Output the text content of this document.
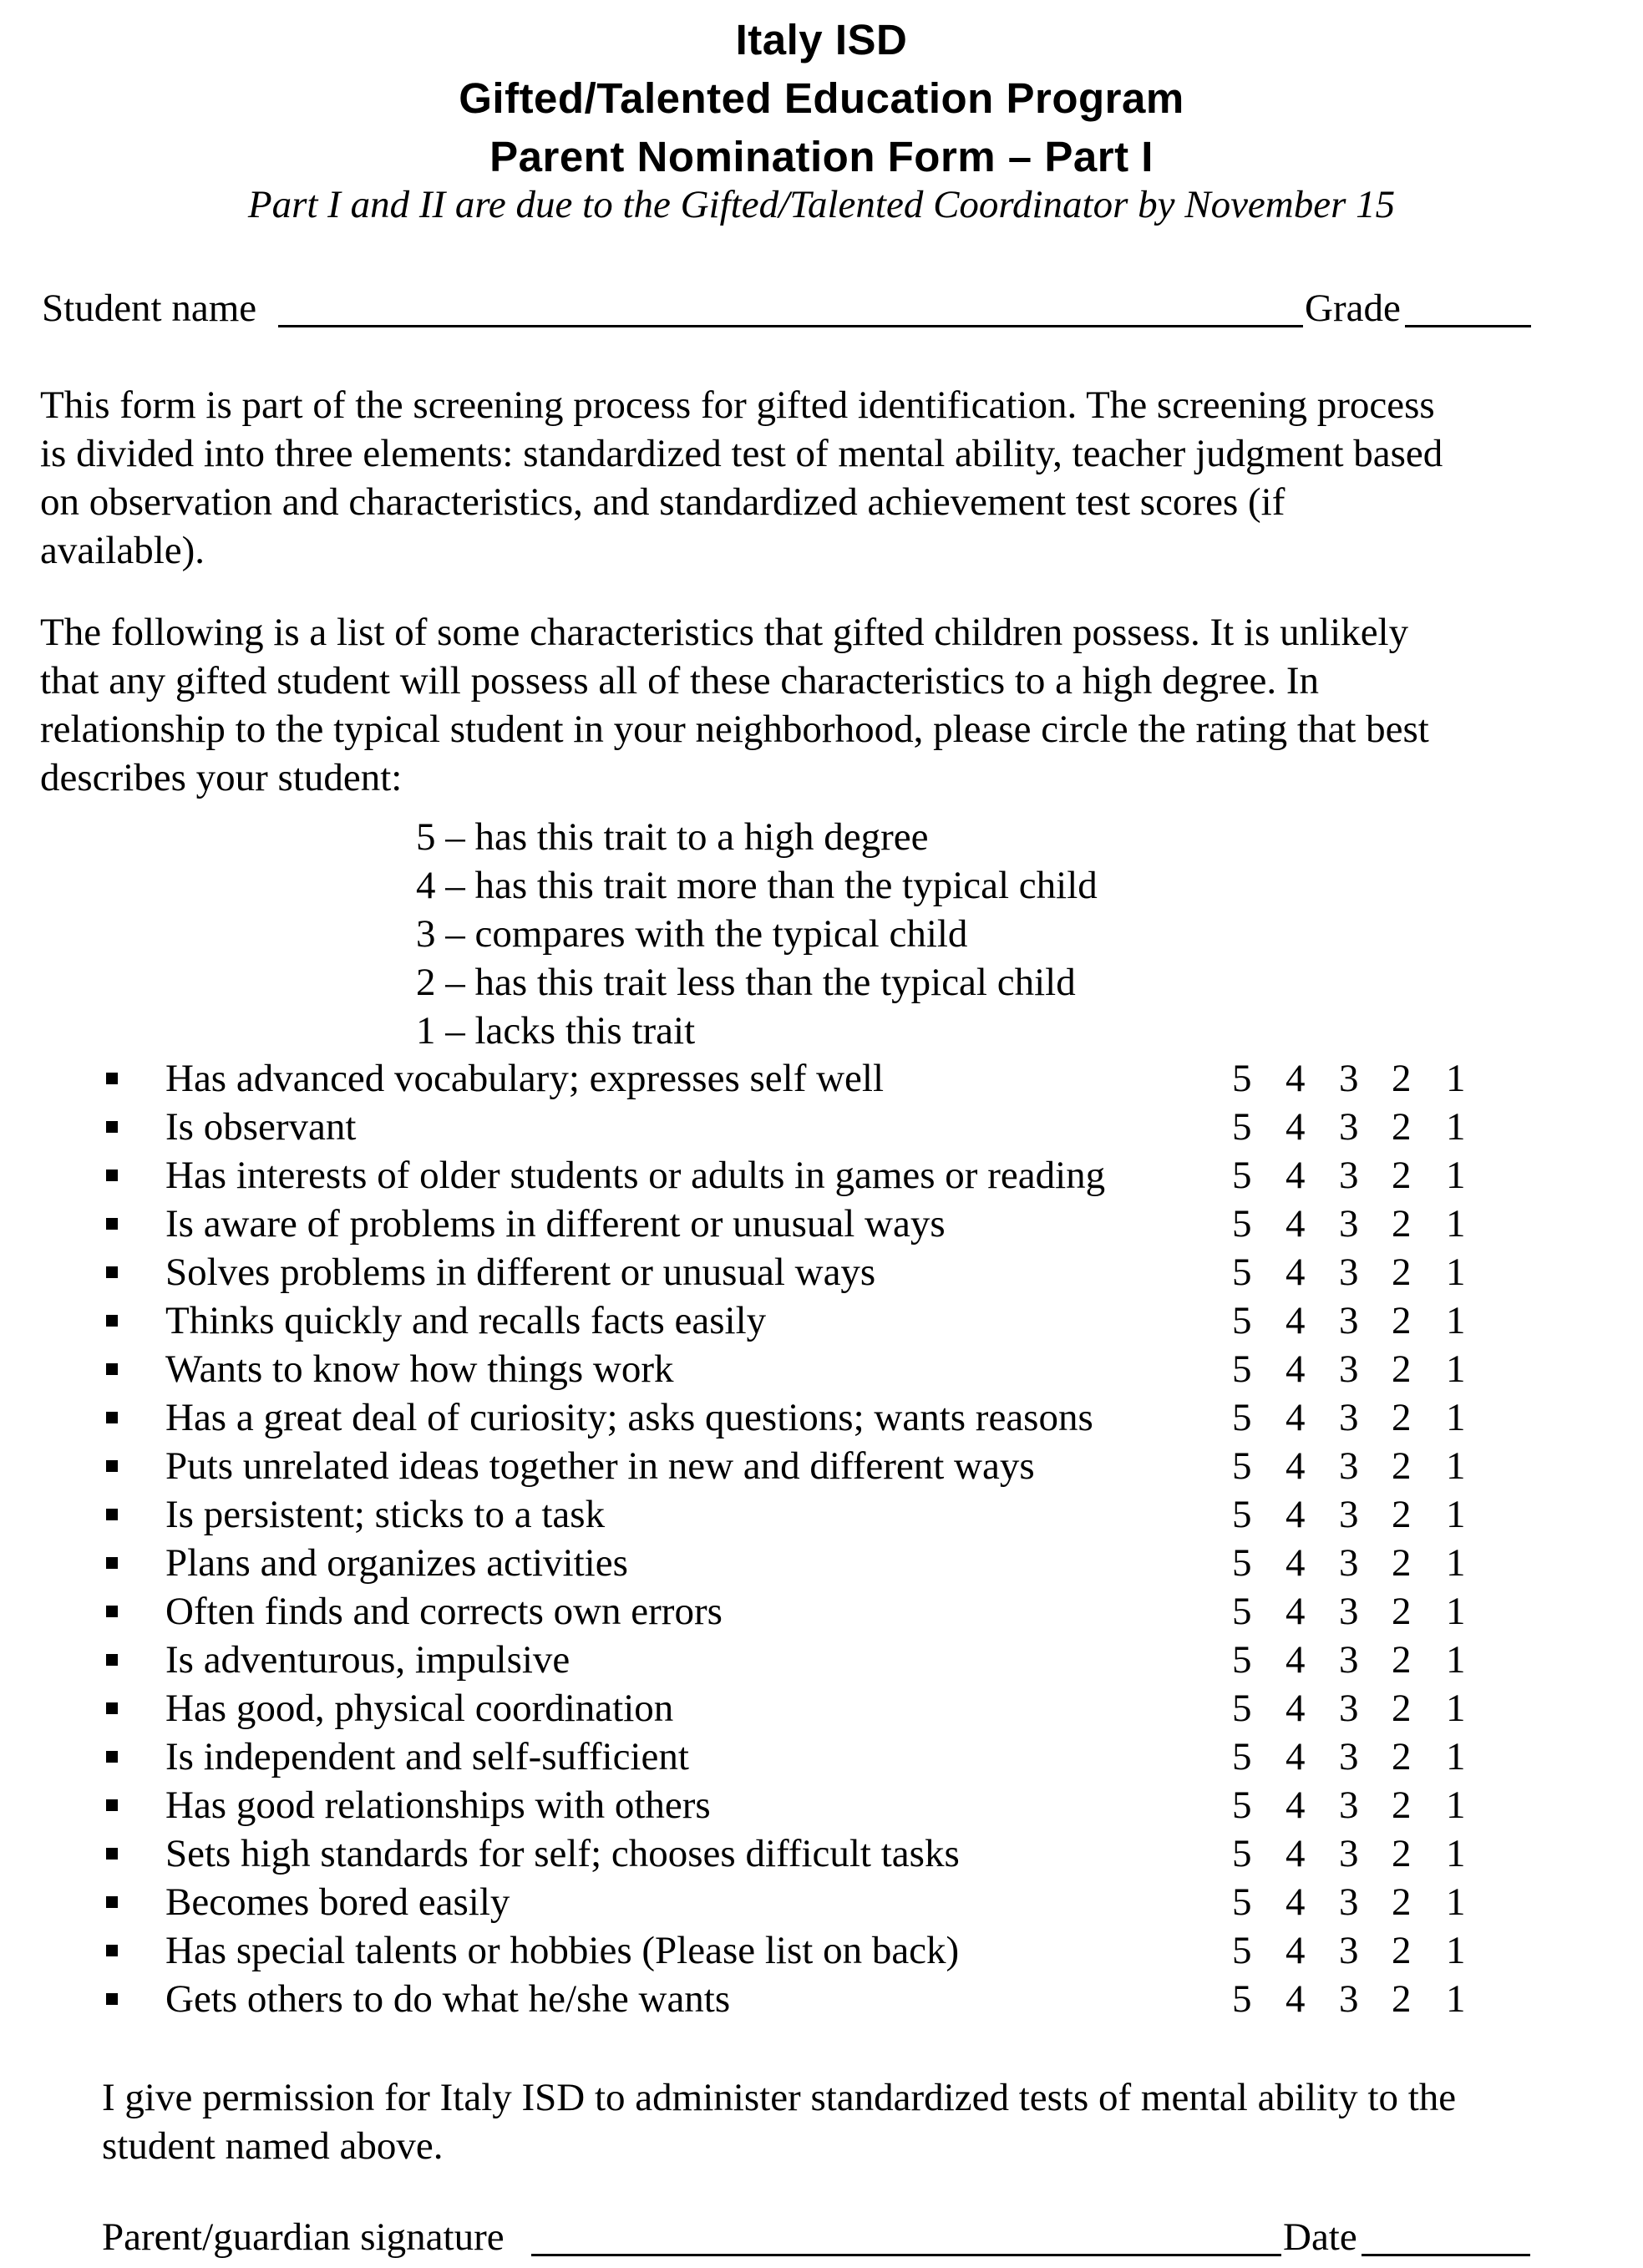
Italy ISD
Gifted/Talented Education Program
Parent Nomination Form – Part I
Part I and II are due to the Gifted/Talented Coordinator by November 15
Student name	Grade
This form is part of the screening process for gifted identification. The screening process
is divided into three elements: standardized test of mental ability, teacher judgment based
on observation and characteristics, and standardized achievement test scores (if
available).
The following is a list of some characteristics that gifted children possess. It is unlikely
that any gifted student will possess all of these characteristics to a high degree. In
relationship to the typical student in your neighborhood, please circle the rating that best
describes your student:
5 – has this trait to a high degree
4 – has this trait more than the typical child
3 – compares with the typical child
2 – has this trait less than the typical child
1 – lacks this trait
Has advanced vocabulary; expresses self well	5 4 3 2 1
Is observant	5 4 3 2 1
Has interests of older students or adults in games or reading	5 4 3 2 1
Is aware of problems in different or unusual ways	5 4 3 2 1
Solves problems in different or unusual ways	5 4 3 2 1
Thinks quickly and recalls facts easily	5 4 3 2 1
Wants to know how things work	5 4 3 2 1
Has a great deal of curiosity; asks questions; wants reasons	5 4 3 2 1
Puts unrelated ideas together in new and different ways	5 4 3 2 1
Is persistent; sticks to a task	5 4 3 2 1
Plans and organizes activities	5 4 3 2 1
Often finds and corrects own errors	5 4 3 2 1
Is adventurous, impulsive	5 4 3 2 1
Has good, physical coordination	5 4 3 2 1
Is independent and self-sufficient	5 4 3 2 1
Has good relationships with others	5 4 3 2 1
Sets high standards for self; chooses difficult tasks	5 4 3 2 1
Becomes bored easily	5 4 3 2 1
Has special talents or hobbies (Please list on back)	5 4 3 2 1
Gets others to do what he/she wants	5 4 3 2 1
I give permission for Italy ISD to administer standardized tests of mental ability to the
student named above.
Parent/guardian signature	Date
